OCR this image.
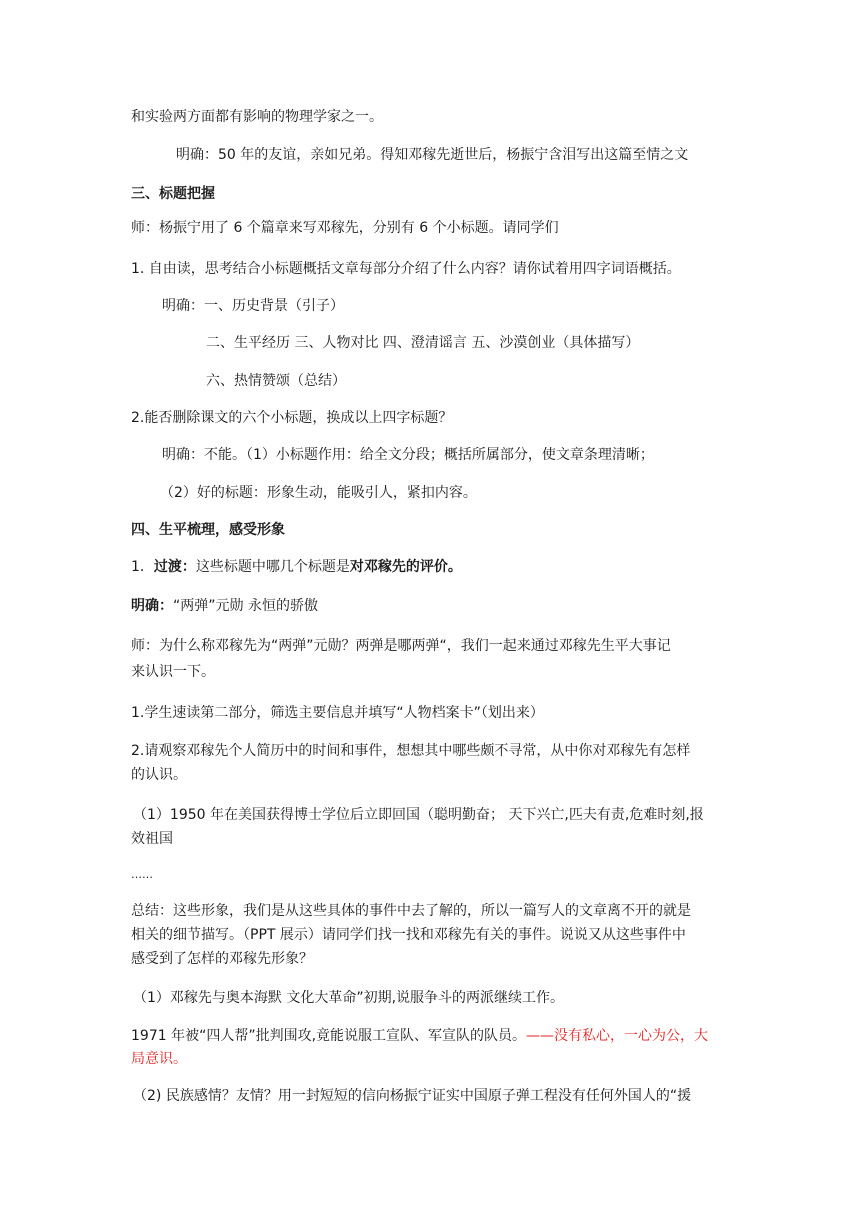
和实验两方面都有影响的物理学家之一。
明确：50 年的友谊，亲如兄弟。得知邓稼先逝世后，杨振宁含泪写出这篇至情之文
三、标题把握
师：杨振宁用了 6 个篇章来写邓稼先，分别有 6 个小标题。请同学们
1. 自由读，思考结合小标题概括文章每部分介绍了什么内容？请你试着用四字词语概括。
明确：一、历史背景（引子）
二、生平经历 三、人物对比 四、澄清谣言 五、沙漠创业（具体描写）
六、热情赞颂（总结）
2.能否删除课文的六个小标题，换成以上四字标题？
明确：不能。（1）小标题作用：给全文分段；概括所属部分，使文章条理清晰；
（2）好的标题：形象生动，能吸引人，紧扣内容。
四、生平梳理，感受形象
1．过渡：这些标题中哪几个标题是对邓稼先的评价。
明确：“两弹”元勋 永恒的骄傲
师：为什么称邓稼先为“两弹”元勋？两弹是哪两弹“，我们一起来通过邓稼先生平大事记
来认识一下。
1.学生速读第二部分，筛选主要信息并填写“人物档案卡”（划出来）
2.请观察邓稼先个人简历中的时间和事件，想想其中哪些颇不寻常，从中你对邓稼先有怎样
的认识。
（1）1950 年在美国获得博士学位后立即回国（聪明勤奋； 天下兴亡,匹夫有责,危难时刻,报
效祖国
……
总结：这些形象，我们是从这些具体的事件中去了解的，所以一篇写人的文章离不开的就是
相关的细节描写。（PPT 展示）请同学们找一找和邓稼先有关的事件。说说又从这些事件中
感受到了怎样的邓稼先形象？
（1）邓稼先与奥本海默 文化大革命”初期,说服争斗的两派继续工作。
1971 年被“四人帮”批判围攻,竟能说服工宣队、军宣队的队员。——没有私心，一心为公，大
局意识。
（2) 民族感情？友情？用一封短短的信向杨振宁证实中国原子弹工程没有任何外国人的“援
